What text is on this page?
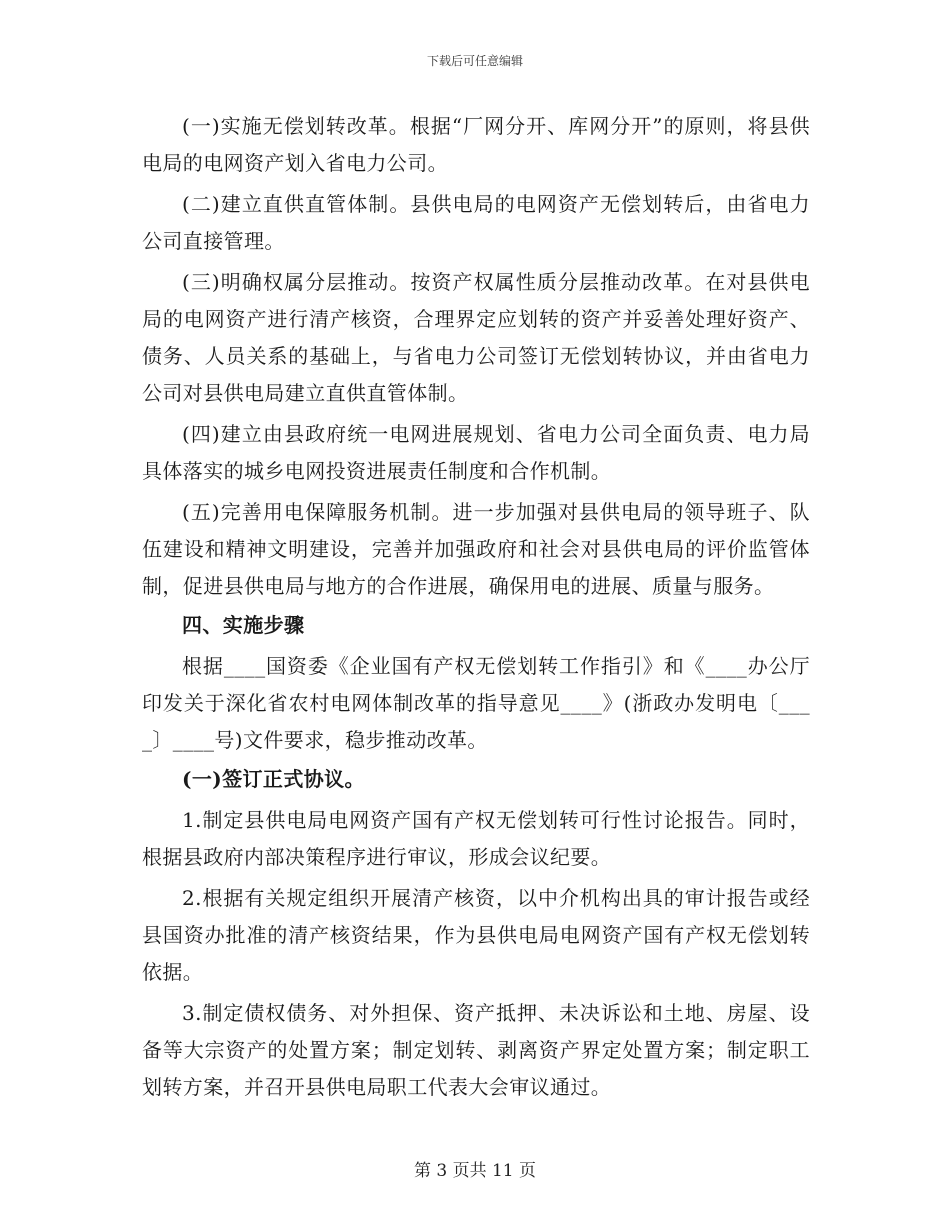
下载后可任意编辑

(一)实施无偿划转改革。根据“厂网分开、库网分开”的原则，将县供电局的电网资产划入省电力公司。

(二)建立直供直管体制。县供电局的电网资产无偿划转后，由省电力公司直接管理。

(三)明确权属分层推动。按资产权属性质分层推动改革。在对县供电局的电网资产进行清产核资，合理界定应划转的资产并妥善处理好资产、债务、人员关系的基础上，与省电力公司签订无偿划转协议，并由省电力公司对县供电局建立直供直管体制。

(四)建立由县政府统一电网进展规划、省电力公司全面负责、电力局具体落实的城乡电网投资进展责任制度和合作机制。

(五)完善用电保障服务机制。进一步加强对县供电局的领导班子、队伍建设和精神文明建设，完善并加强政府和社会对县供电局的评价监管体制，促进县供电局与地方的合作进展，确保用电的进展、质量与服务。

四、实施步骤

根据____国资委《企业国有产权无偿划转工作指引》和《____办公厅印发关于深化省农村电网体制改革的指导意见____》(浙政办发明电〔____〕____号)文件要求，稳步推动改革。

(一)签订正式协议。

1.制定县供电局电网资产国有产权无偿划转可行性讨论报告。同时，根据县政府内部决策程序进行审议，形成会议纪要。

2.根据有关规定组织开展清产核资，以中介机构出具的审计报告或经县国资办批准的清产核资结果，作为县供电局电网资产国有产权无偿划转依据。

3.制定债权债务、对外担保、资产抵押、未决诉讼和土地、房屋、设备等大宗资产的处置方案；制定划转、剥离资产界定处置方案；制定职工划转方案，并召开县供电局职工代表大会审议通过。

第 3 页共 11 页
